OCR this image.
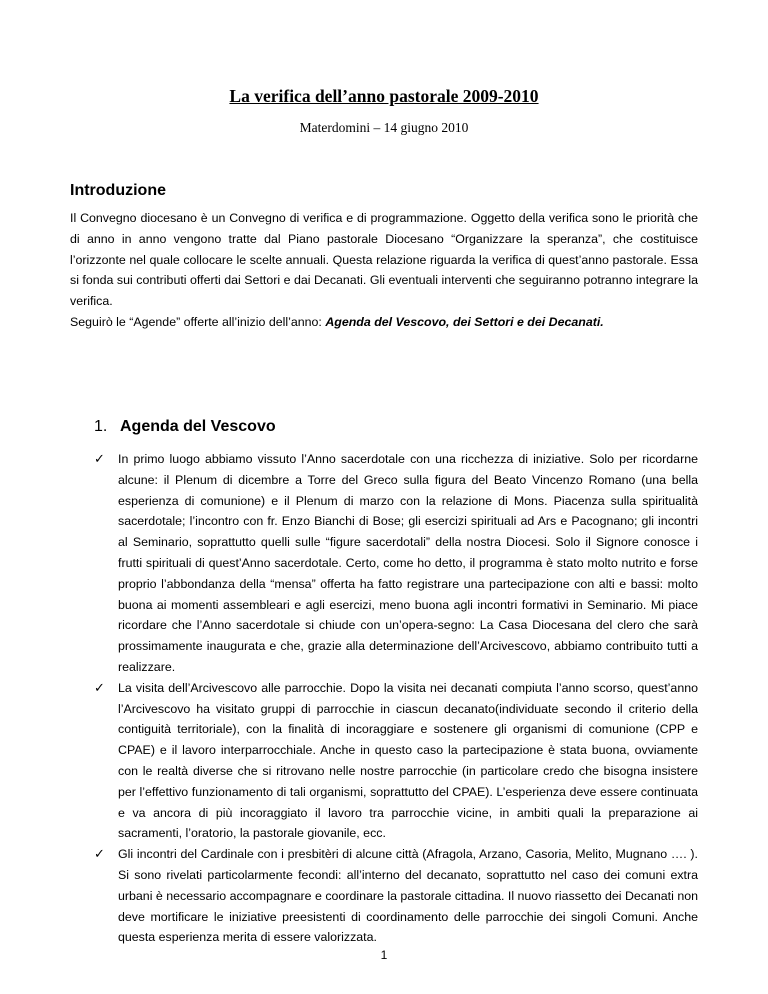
La verifica dell’anno pastorale 2009-2010
Materdomini – 14 giugno 2010
Introduzione

Il Convegno diocesano è un Convegno di verifica e di programmazione. Oggetto della verifica sono le priorità che di anno in anno vengono tratte dal Piano pastorale Diocesano “Organizzare la speranza”, che costituisce l’orizzonte nel quale collocare le scelte annuali. Questa relazione riguarda la verifica di quest’anno pastorale. Essa si fonda sui contributi offerti dai Settori e dai Decanati. Gli eventuali interventi che seguiranno potranno integrare la verifica.

Seguirò le “Agende” offerte all’inizio dell’anno: Agenda del Vescovo, dei Settori e dei Decanati.

1. Agenda del Vescovo
✓ In primo luogo abbiamo vissuto l’Anno sacerdotale con una ricchezza di iniziative. Solo per ricordarne alcune: il Plenum di dicembre a Torre del Greco sulla figura del Beato Vincenzo Romano (una bella esperienza di comunione) e il Plenum di marzo con la relazione di Mons. Piacenza sulla spiritualità sacerdotale; l’incontro con fr. Enzo Bianchi di Bose; gli esercizi spirituali ad Ars e Pacognano; gli incontri al Seminario, soprattutto quelli sulle “figure sacerdotali” della nostra Diocesi. Solo il Signore conosce i frutti spirituali di quest’Anno sacerdotale. Certo, come ho detto, il programma è stato molto nutrito e forse proprio l’abbondanza della “mensa” offerta ha fatto registrare una partecipazione con alti e bassi: molto buona ai momenti assembleari e agli esercizi, meno buona agli incontri formativi in Seminario. Mi piace ricordare che l’Anno sacerdotale si chiude con un’opera-segno: La Casa Diocesana del clero che sarà prossimamente inaugurata e che, grazie alla determinazione dell’Arcivescovo, abbiamo contribuito tutti a realizzare.
✓ La visita dell’Arcivescovo alle parrocchie. Dopo la visita nei decanati compiuta l’anno scorso, quest’anno l’Arcivescovo ha visitato gruppi di parrocchie in ciascun decanato(individuate secondo il criterio della contiguità territoriale), con la finalità di incoraggiare e sostenere gli organismi di comunione (CPP e CPAE) e il lavoro interparrocchiale. Anche in questo caso la partecipazione è stata buona, ovviamente con le realtà diverse che si ritrovano nelle nostre parrocchie (in particolare credo che bisogna insistere per l’effettivo funzionamento di tali organismi, soprattutto del CPAE). L’esperienza deve essere continuata e va ancora di più incoraggiato il lavoro tra parrocchie vicine, in ambiti quali la preparazione ai sacramenti, l’oratorio, la pastorale giovanile, ecc.
✓ Gli incontri del Cardinale con i presbitèri di alcune città (Afragola, Arzano, Casoria, Melito, Mugnano …. ). Si sono rivelati particolarmente fecondi: all’interno del decanato, soprattutto nel caso dei comuni extra urbani è necessario accompagnare e coordinare la pastorale cittadina. Il nuovo riassetto dei Decanati non deve mortificare le iniziative preesistenti di coordinamento delle parrocchie dei singoli Comuni. Anche questa esperienza merita di essere valorizzata.
1
